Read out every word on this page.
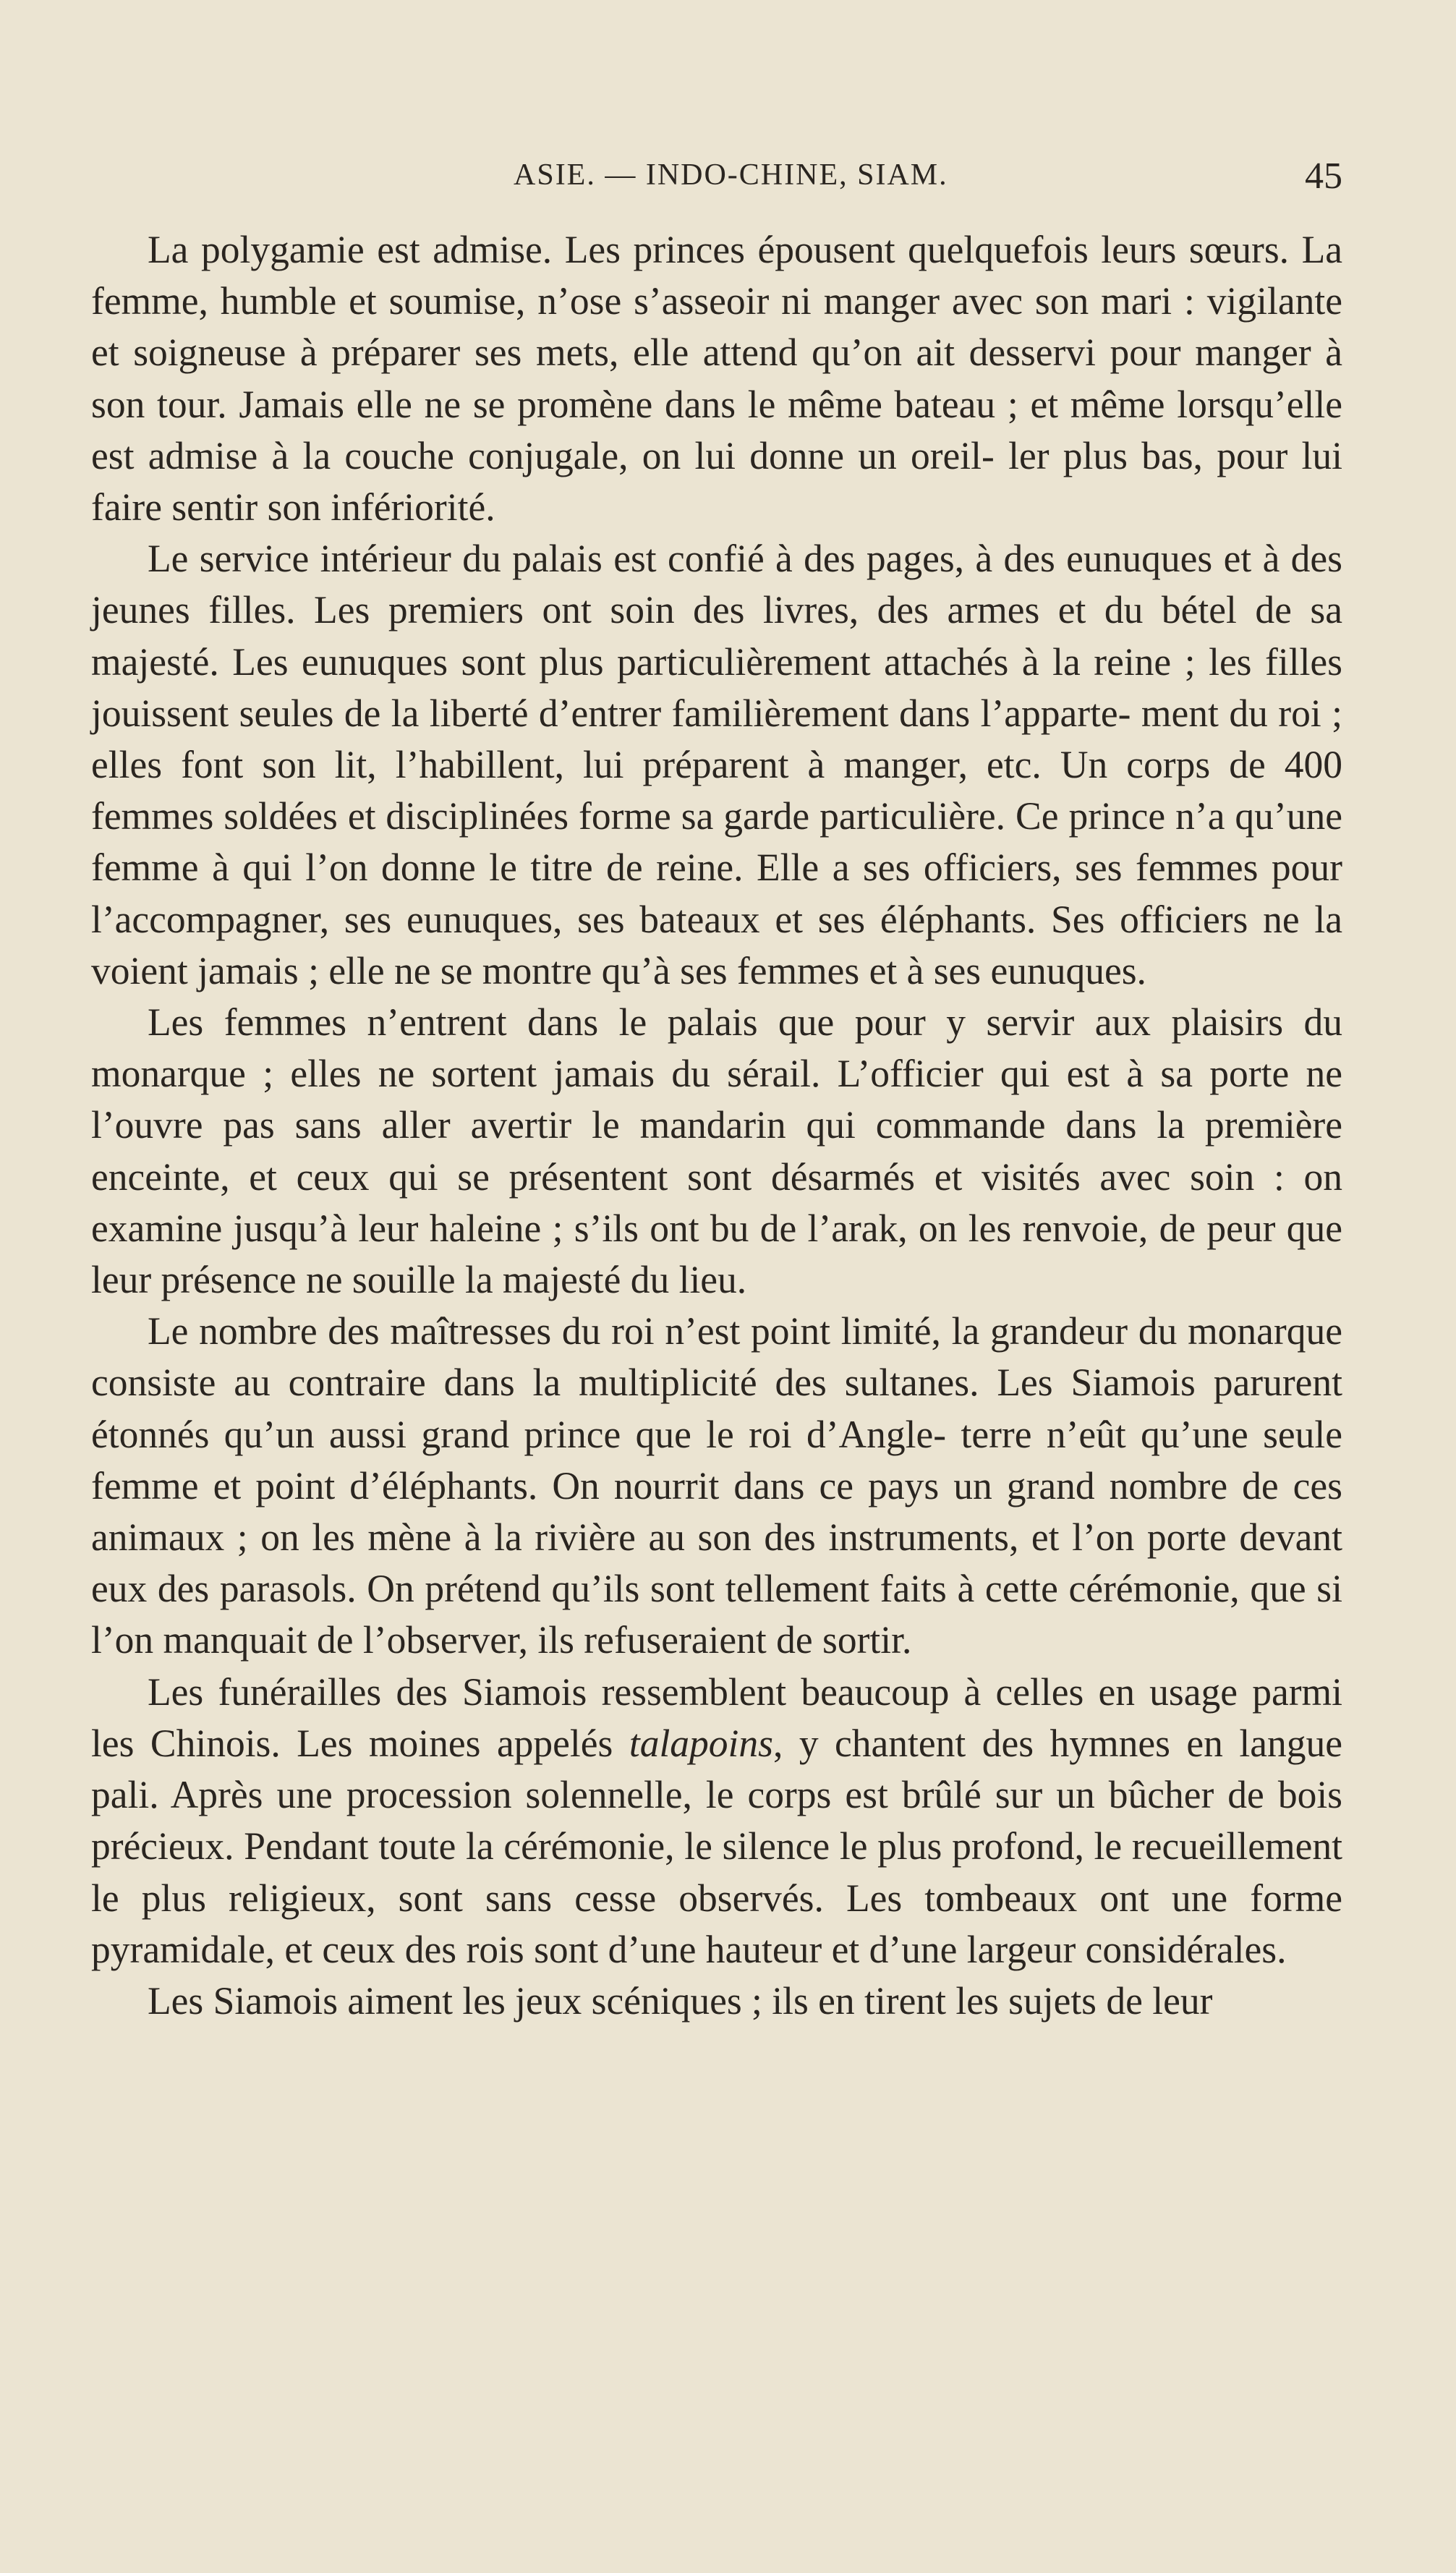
ASIE. — INDO-CHINE, SIAM.	45

La polygamie est admise. Les princes épousent quelquefois leurs sœurs. La femme, humble et soumise, n’ose s’asseoir ni manger avec son mari : vigilante et soigneuse à préparer ses mets, elle attend qu’on ait desservi pour manger à son tour. Jamais elle ne se promène dans le même bateau ; et même lorsqu’elle est admise à la couche conjugale, on lui donne un oreil- ler plus bas, pour lui faire sentir son infériorité.

Le service intérieur du palais est confié à des pages, à des eunuques et à des jeunes filles. Les premiers ont soin des livres, des armes et du bétel de sa majesté. Les eunuques sont plus particulièrement attachés à la reine ; les filles jouissent seules de la liberté d’entrer familièrement dans l’apparte- ment du roi ; elles font son lit, l’habillent, lui préparent à manger, etc. Un corps de 400 femmes soldées et disciplinées forme sa garde particulière. Ce prince n’a qu’une femme à qui l’on donne le titre de reine. Elle a ses officiers, ses femmes pour l’accompagner, ses eunuques, ses bateaux et ses éléphants. Ses officiers ne la voient jamais ; elle ne se montre qu’à ses femmes et à ses eunuques.

Les femmes n’entrent dans le palais que pour y servir aux plaisirs du monarque ; elles ne sortent jamais du sérail. L’officier qui est à sa porte ne l’ouvre pas sans aller avertir le mandarin qui commande dans la première enceinte, et ceux qui se présentent sont désarmés et visités avec soin : on examine jusqu’à leur haleine ; s’ils ont bu de l’arak, on les renvoie, de peur que leur présence ne souille la majesté du lieu.

Le nombre des maîtresses du roi n’est point limité, la grandeur du monarque consiste au contraire dans la multiplicité des sultanes. Les Siamois parurent étonnés qu’un aussi grand prince que le roi d’Angle- terre n’eût qu’une seule femme et point d’éléphants. On nourrit dans ce pays un grand nombre de ces animaux ; on les mène à la rivière au son des instruments, et l’on porte devant eux des parasols. On prétend qu’ils sont tellement faits à cette cérémonie, que si l’on manquait de l’observer, ils refuseraient de sortir.

Les funérailles des Siamois ressemblent beaucoup à celles en usage parmi les Chinois. Les moines appelés talapoins, y chantent des hymnes en langue pali. Après une procession solennelle, le corps est brûlé sur un bûcher de bois précieux. Pendant toute la cérémonie, le silence le plus profond, le recueillement le plus religieux, sont sans cesse observés. Les tombeaux ont une forme pyramidale, et ceux des rois sont d’une hauteur et d’une largeur considérales.

Les Siamois aiment les jeux scéniques ; ils en tirent les sujets de leur
